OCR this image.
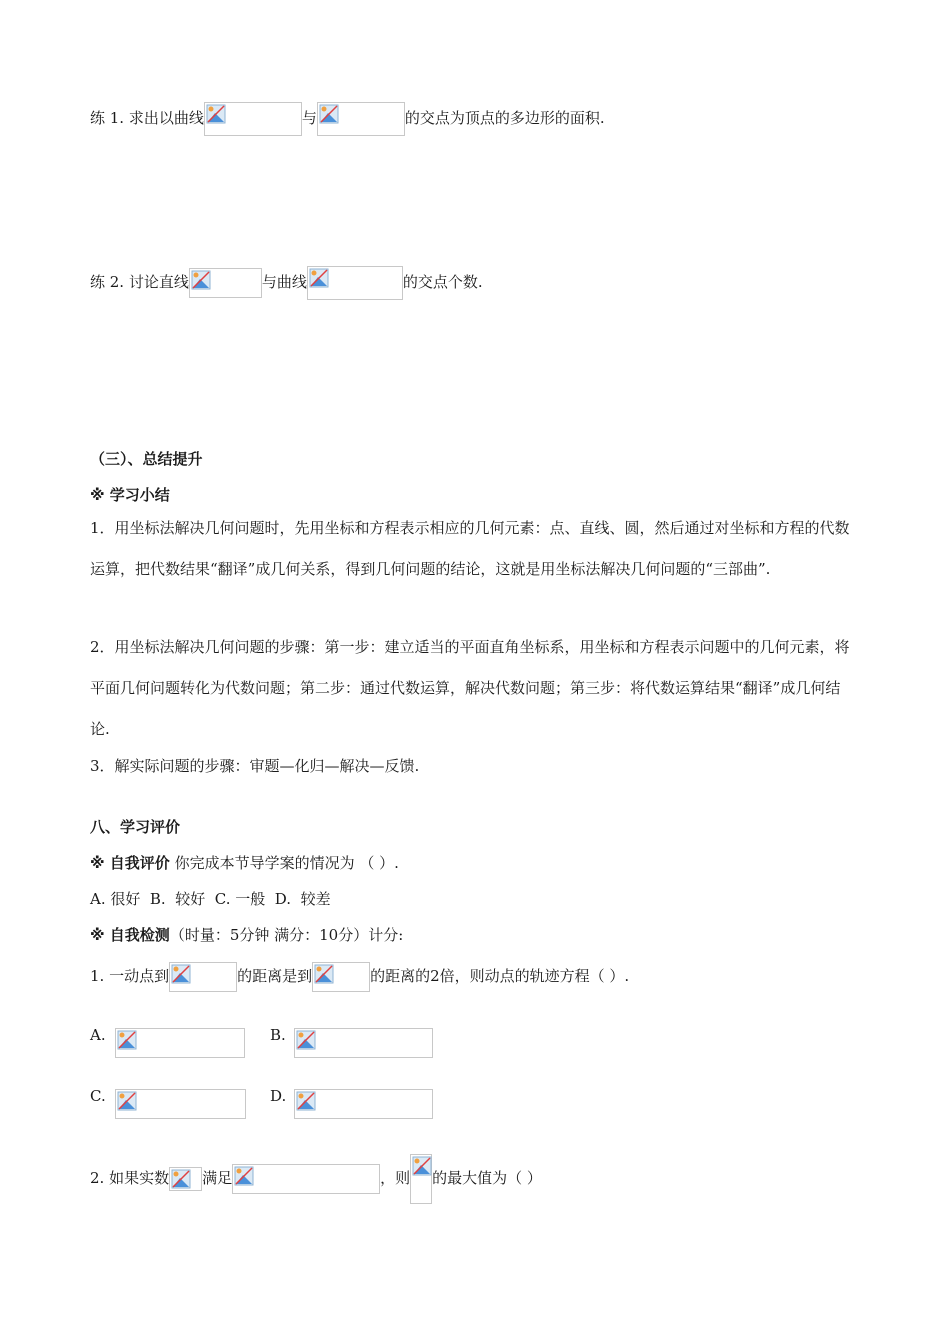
练 1. 求出以曲线	与	的交点为顶点的多边形的面积.
练 2. 讨论直线	与曲线	的交点个数.
（三）、总结提升
※ 学习小结
1．用坐标法解决几何问题时，先用坐标和方程表示相应的几何元素：点、直线、圆，然后通过对坐标和方程的代数运算，把代数结果“翻译”成几何关系，得到几何问题的结论，这就是用坐标法解决几何问题的“三部曲”.
2．用坐标法解决几何问题的步骤：第一步：建立适当的平面直角坐标系，用坐标和方程表示问题中的几何元素，将平面几何问题转化为代数问题；第二步：通过代数运算，解决代数问题；第三步：将代数运算结果“翻译”成几何结论.
3．解实际问题的步骤：审题—化归—解决—反馈.
八、学习评价
※ 自我评价 你完成本节导学案的情况为 （ ）.
A. 很好  B.  较好  C. 一般  D.  较差
※ 自我检测（时量：5分钟 满分：10分）计分:
1. 一动点到	的距离是到	的距离的2倍，则动点的轨迹方程（ ）.
A.	B.
C.	D.
2. 如果实数 满足	，则 的最大值为（ ）
